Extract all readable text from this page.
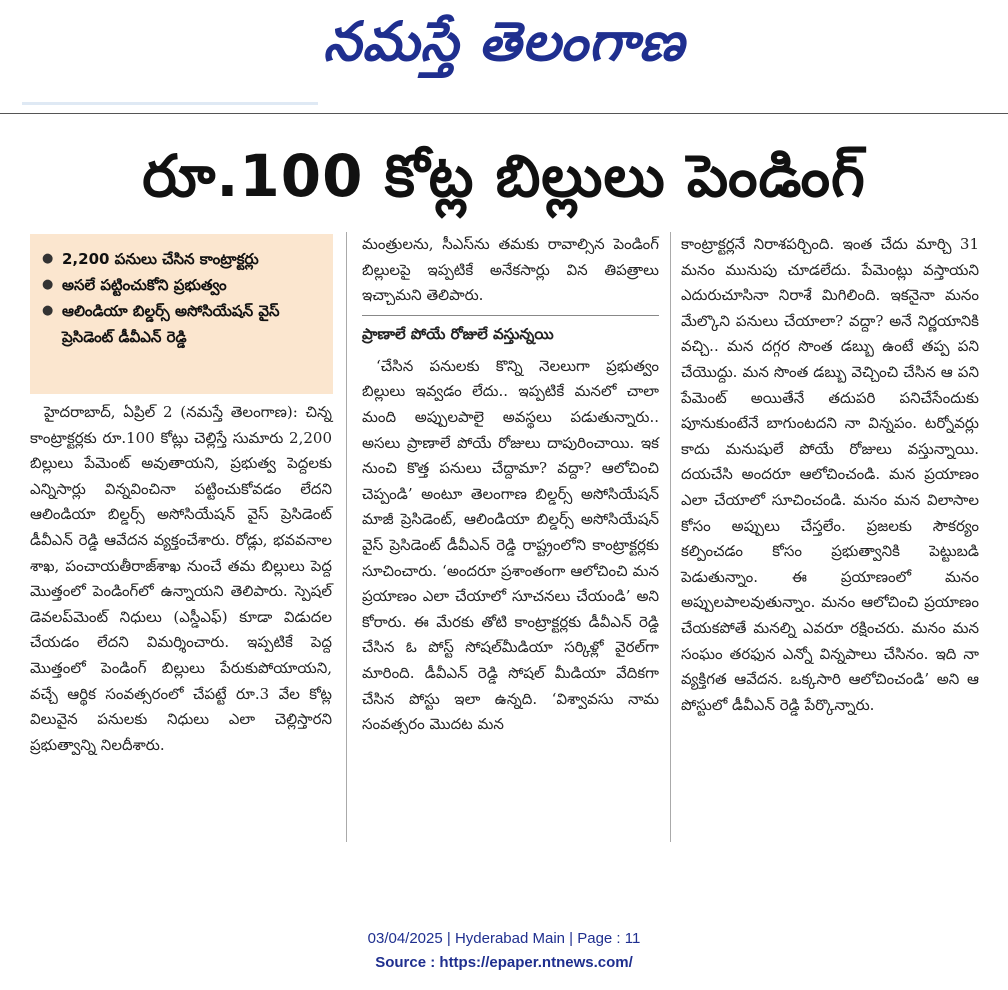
నమస్తే తెలంగాణ
రూ.100 కోట్ల బిల్లులు పెండింగ్
● 2,200 పనులు చేసిన కాంట్రాక్టర్లు
● అసలే పట్టించుకోని ప్రభుత్వం
● ఆలిండియా బిల్డర్స్ అసోసియేషన్ వైస్ ప్రెసిడెంట్ డీవీఎన్ రెడ్డి

హైదరాబాద్, ఏప్రిల్ 2 (నమస్తే తెలంగాణ): చిన్న కాంట్రాక్టర్లకు రూ.100 కోట్లు చెల్లిస్తే సుమారు 2,200 బిల్లులు పేమెంట్ అవుతాయని, ప్రభుత్వ పెద్దలకు ఎన్నిసార్లు విన్నవించినా పట్టించుకోవడం లేదని ఆలిండియా బిల్డర్స్ అసోసియేషన్ వైస్ ప్రెసిడెంట్ డీవీఎన్ రెడ్డి ఆవేదన వ్యక్తంచేశారు. రోడ్లు, భవవనాల శాఖ, పంచాయతీరాజ్‌శాఖ నుంచే తమ బిల్లులు పెద్ద మొత్తంలో పెండింగ్‌లో ఉన్నాయని తెలిపారు. స్పెషల్ డెవలప్‌మెంట్ నిధులు (ఎస్డీఎఫ్) కూడా విడుదల చేయడం లేదని విమర్శించారు. ఇప్పటికే పెద్ద మొత్తంలో పెండింగ్ బిల్లులు పేరుకుపోయాయని, వచ్చే ఆర్థిక సంవత్సరంలో చేపట్టే రూ.3 వేల కోట్ల విలువైన పనులకు నిధులు ఎలా చెల్లిస్తారని ప్రభుత్వాన్ని నిలదీశారు.

మంత్రులను, సీఎస్‌ను తమకు రావాల్సిన పెండింగ్ బిల్లులపై ఇప్పటికే అనేకసార్లు విన తిపత్రాలు ఇచ్చామని తెలిపారు.

ప్రాణాలే పోయే రోజులే వస్తున్నయి

‘చేసిన పనులకు కొన్ని నెలలుగా ప్రభుత్వం బిల్లులు ఇవ్వడం లేదు.. ఇప్పటికే మనలో చాలా మంది అప్పులపాలై అవస్థలు పడుతున్నారు.. అసలు ప్రాణాలే పోయే రోజులు దాపురించాయి. ఇక నుంచి కొత్త పనులు చేద్దామా? వద్దా? ఆలోచించి చెప్పండి’ అంటూ తెలంగాణ బిల్డర్స్ అసోసియేషన్ మాజీ ప్రెసిడెంట్, ఆలిండియా బిల్డర్స్ అసోసియేషన్ వైస్ ప్రెసిడెంట్ డీవీఎన్ రెడ్డి రాష్ట్రంలోని కాంట్రాక్టర్లకు సూచించారు. ‘అందరూ ప్రశాంతంగా ఆలోచించి మన ప్రయాణం ఎలా చేయాలో సూచనలు చేయండి’ అని కోరారు. ఈ మేరకు తోటి కాంట్రాక్టర్లకు డీవీఎన్ రెడ్డి చేసిన ఓ పోస్ట్ సోషల్‌మీడియా సర్కిళ్లో వైరల్‌గా మారింది. డీవీఎన్ రెడ్డి సోషల్ మీడియా వేదికగా చేసిన పోస్టు ఇలా ఉన్నది. ‘విశ్వావసు నామ సంవత్సరం మొదట మన

కాంట్రాక్టర్లనే నిరాశపర్చింది. ఇంత చేదు మార్చి 31 మనం మునుపు చూడలేదు. పేమెంట్లు వస్తాయని ఎదురుచూసినా నిరాశే మిగిలింది. ఇకనైనా మనం మేల్కొని పనులు చేయాలా? వద్దా? అనే నిర్ణయానికి వచ్చి.. మన దగ్గర సొంత డబ్బు ఉంటే తప్ప పని చేయొద్దు. మన సొంత డబ్బు వెచ్చించి చేసిన ఆ పని పేమెంట్ అయితేనే తదుపరి పనిచేసేందుకు పూనుకుంటేనే బాగుంటదని నా విన్నపం. టర్నోవర్లు కాదు మనుషులే పోయే రోజులు వస్తున్నాయి. దయచేసి అందరూ ఆలోచించండి. మన ప్రయాణం ఎలా చేయాలో సూచించండి. మనం మన విలాసాల కోసం అప్పులు చేస్తలేం. ప్రజలకు సౌకర్యం కల్పించడం కోసం ప్రభుత్వానికి పెట్టుబడి పెడుతున్నాం. ఈ ప్రయాణంలో మనం అప్పులపాలవుతున్నాం. మనం ఆలోచించి ప్రయాణం చేయకపోతే మనల్ని ఎవరూ రక్షించరు. మనం మన సంఘం తరఫున ఎన్నో విన్నపాలు చేసినం. ఇది నా వ్యక్తిగత ఆవేదన. ఒక్కసారి ఆలోచించండి’ అని ఆ పోస్టులో డీవీఎన్ రెడ్డి పేర్కొన్నారు.

03/04/2025 | Hyderabad Main | Page : 11
Source : https://epaper.ntnews.com/
